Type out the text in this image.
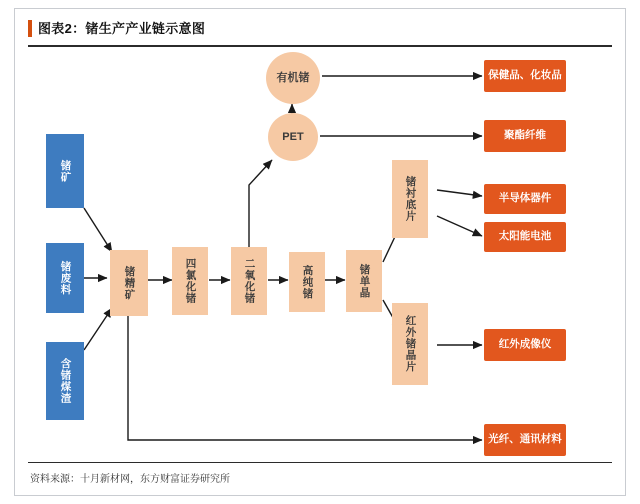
图表2：锗生产产业链示意图
锗矿
锗废料
含锗煤渣
锗精矿	四氯化锗	二氧化锗	高纯锗	锗单晶
锗衬底片
红外锗晶片
PET
有机锗	保健品、化妆品
聚酯纤维
半导体器件
太阳能电池
红外成像仪
光纤、通讯材料
资料来源：十月新材网，东方财富证券研究所
